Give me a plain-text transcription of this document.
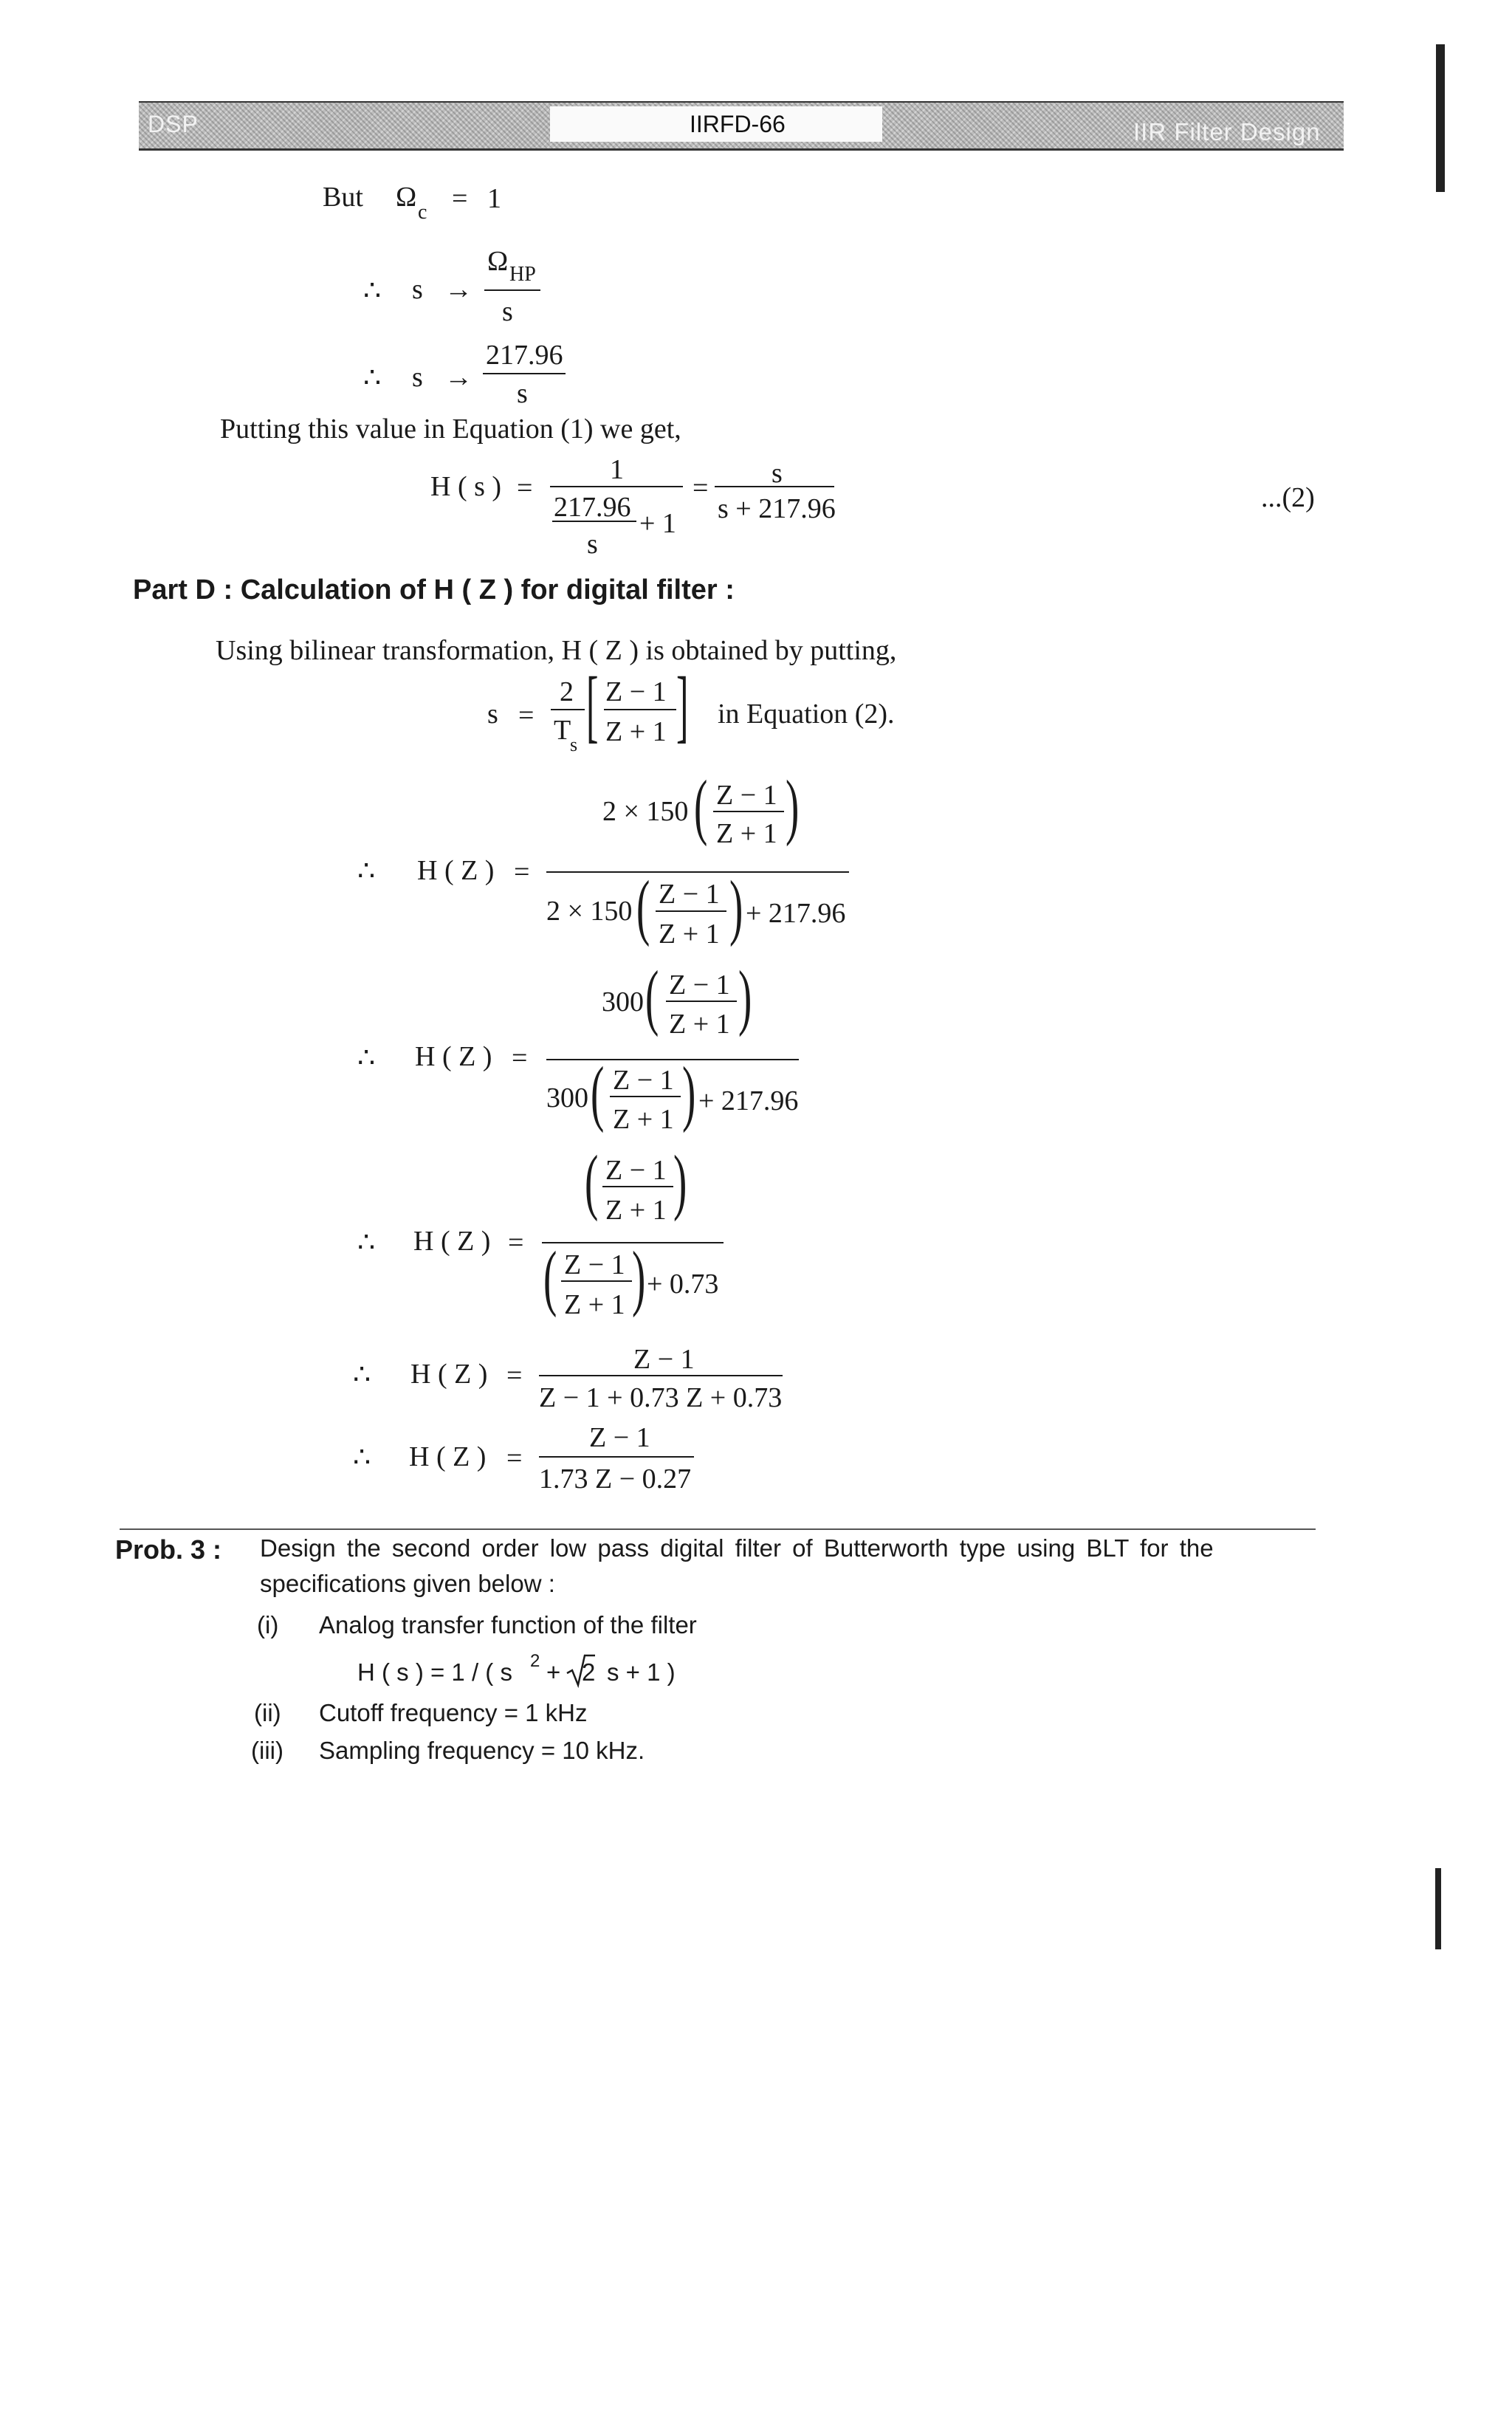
DSP	IIRFD-66	IIR Filter Design
But Ω c = 1
∴ s →
Ω HP
s
∴ s →
217.96
s
Putting this value in Equation (1) we get,
H ( s ) =
1
217.96
+ 1
s
= s
s + 217.96	...(2)
Part D : Calculation of H ( Z ) for digital filter :
Using bilinear transformation, H ( Z ) is obtained by putting,
s =
2
T
s [ Z − 1
Z + 1 ] in Equation (2).
2 × 150 ( Z − 1
Z + 1 )
∴ H ( Z ) =
2 × 150 ( Z − 1
Z + 1 ) + 217.96
300 ( Z − 1
Z + 1 )
∴ H ( Z ) =
300 ( Z − 1
Z + 1 ) + 217.96
( Z − 1
Z + 1 )
∴ H ( Z ) = ( Z − 1
Z + 1 ) + 0.73
Z − 1
∴ H ( Z ) =
Z − 1 + 0.73 Z + 0.73
Z − 1
∴ H ( Z ) =
1.73 Z − 0.27
Prob. 3 : Design the second order low pass digital filter of Butterworth type using BLT for the
specifications given below :
(i) Analog transfer function of the filter
H ( s ) = 1 / ( s 2 + 2 s + 1 )
(ii) Cutoff frequency = 1 kHz
(iii) Sampling frequency = 10 kHz.
